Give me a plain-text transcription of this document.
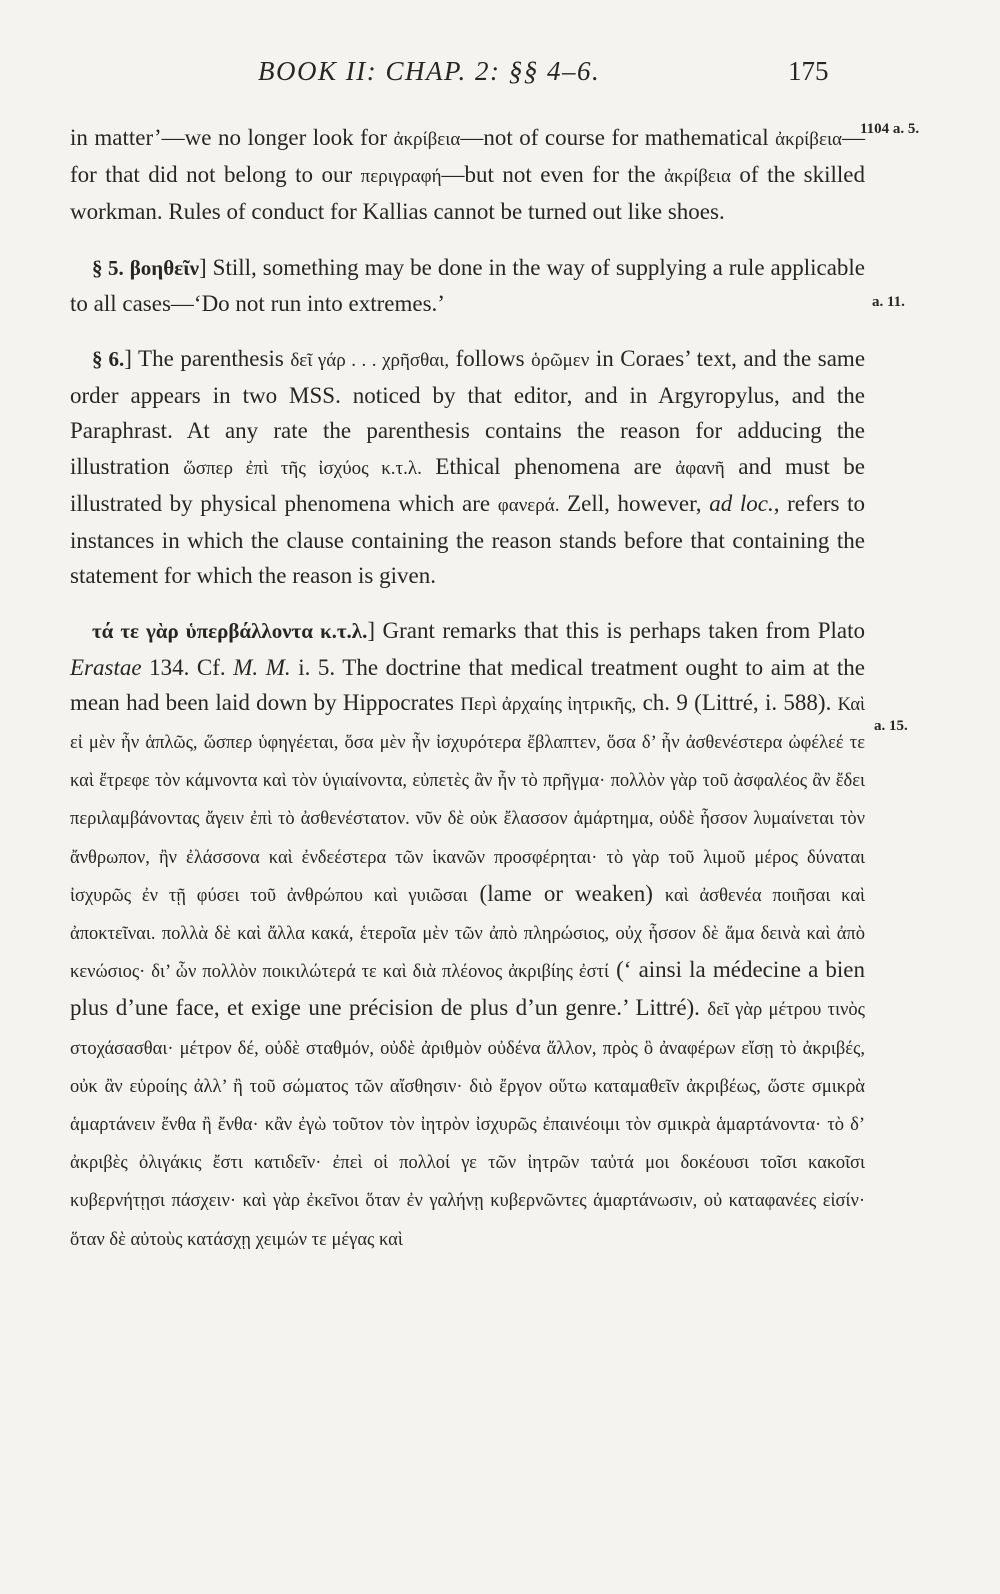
BOOK II: CHAP. 2: §§ 4–6.	175
1104 a. 5.
a. 11.
a. 15.

in matter’—we no longer look for ἀκρίβεια—not of course for mathematical ἀκρίβεια—for that did not belong to our περιγραφή—but not even for the ἀκρίβεια of the skilled workman. Rules of conduct for Kallias cannot be turned out like shoes.

§ 5. βοηθεῖν] Still, something may be done in the way of supplying a rule applicable to all cases—‘Do not run into extremes.’

§ 6.] The parenthesis δεῖ γάρ . . . χρῆσθαι, follows ὁρῶμεν in Coraes’ text, and the same order appears in two MSS. noticed by that editor, and in Argyropylus, and the Paraphrast. At any rate the parenthesis contains the reason for adducing the illustration ὥσπερ ἐπὶ τῆς ἰσχύος κ.τ.λ. Ethical phenomena are ἀφανῆ and must be illustrated by physical phenomena which are φανερά. Zell, however, ad loc., refers to instances in which the clause containing the reason stands before that containing the statement for which the reason is given.

τά τε γὰρ ὑπερβάλλοντα κ.τ.λ.] Grant remarks that this is perhaps taken from Plato Erastae 134. Cf. M. M. i. 5. The doctrine that medical treatment ought to aim at the mean had been laid down by Hippocrates Περὶ ἀρχαίης ἰητρικῆς, ch. 9 (Littré, i. 588). Καὶ εἰ μὲν ἦν ἁπλῶς, ὥσπερ ὑφηγέεται, ὅσα μὲν ἦν ἰσχυρότερα ἔβλαπτεν, ὅσα δ’ ἦν ἀσθενέστερα ὠφέλεέ τε καὶ ἔτρεφε τὸν κάμνοντα καὶ τὸν ὑγιαίνοντα, εὐπετὲς ἂν ἦν τὸ πρῆγμα· πολλὸν γὰρ τοῦ ἀσφαλέος ἂν ἔδει περιλαμβάνοντας ἄγειν ἐπὶ τὸ ἀσθενέστατον. νῦν δὲ οὐκ ἔλασσον ἁμάρτημα, οὐδὲ ἧσσον λυμαίνεται τὸν ἄνθρωπον, ἢν ἐλάσσονα καὶ ἐνδεέστερα τῶν ἱκανῶν προσφέρηται· τὸ γὰρ τοῦ λιμοῦ μέρος δύναται ἰσχυρῶς ἐν τῇ φύσει τοῦ ἀνθρώπου καὶ γυιῶσαι (lame or weaken) καὶ ἀσθενέα ποιῆσαι καὶ ἀποκτεῖναι. πολλὰ δὲ καὶ ἄλλα κακά, ἑτεροῖα μὲν τῶν ἀπὸ πληρώσιος, οὐχ ἧσσον δὲ ἅμα δεινὰ καὶ ἀπὸ κενώσιος· δι’ ὧν πολλὸν ποικιλώτερά τε καὶ διὰ πλέονος ἀκριβίης ἐστί (‘ ainsi la médecine a bien plus d’une face, et exige une précision de plus d’un genre.’ Littré). δεῖ γὰρ μέτρου τινὸς στοχάσασθαι· μέτρον δέ, οὐδὲ σταθμόν, οὐδὲ ἀριθμὸν οὐδένα ἄλλον, πρὸς ὃ ἀναφέρων εἴσῃ τὸ ἀκριβές, οὐκ ἂν εὑροίης ἀλλ’ ἢ τοῦ σώματος τῶν αἴσθησιν· διὸ ἔργον οὕτω καταμαθεῖν ἀκριβέως, ὥστε σμικρὰ ἁμαρτάνειν ἔνθα ἢ ἔνθα· κἂν ἐγὼ τοῦτον τὸν ἰητρὸν ἰσχυρῶς ἐπαινέοιμι τὸν σμικρὰ ἁμαρτάνοντα· τὸ δ’ ἀκριβὲς ὀλιγάκις ἔστι κατιδεῖν· ἐπεὶ οἱ πολλοί γε τῶν ἰητρῶν ταὐτά μοι δοκέουσι τοῖσι κακοῖσι κυβερνήτῃσι πάσχειν· καὶ γὰρ ἐκεῖνοι ὅταν ἐν γαλήνῃ κυβερνῶντες ἁμαρτάνωσιν, οὐ καταφανέες εἰσίν· ὅταν δὲ αὐτοὺς κατάσχῃ χειμών τε μέγας καὶ
